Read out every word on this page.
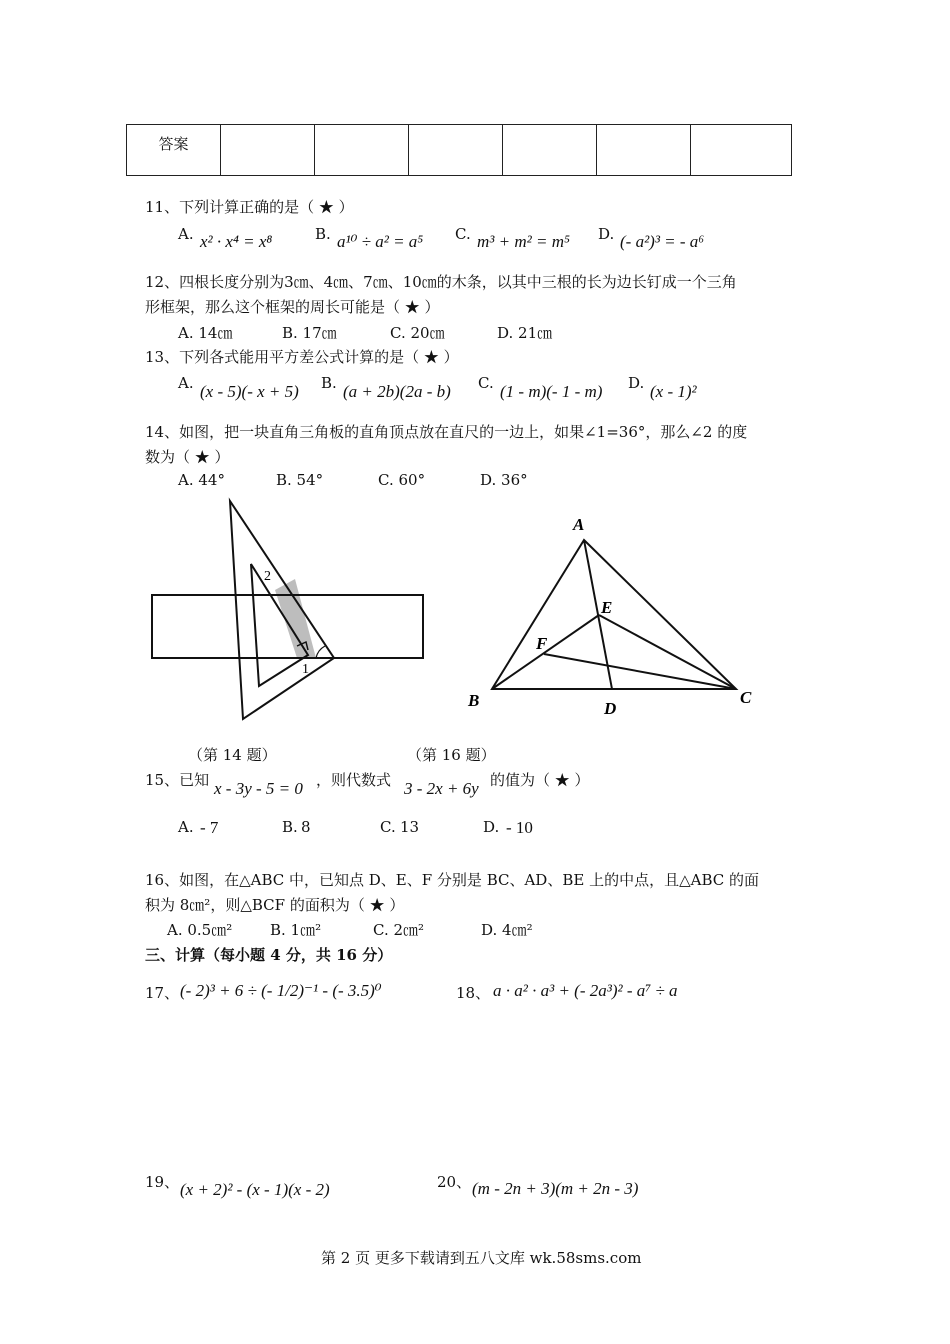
答案						
11、下列计算正确的是（ ★ ）
A. x² · x⁴ = x⁸	B. a¹⁰ ÷ a² = a⁵ C. m³ + m² = m⁵ D. (- a²)³ = - a⁶
12、四根长度分别为3㎝、4㎝、7㎝、10㎝的木条，以其中三根的长为边长钉成一个三角
形框架，那么这个框架的周长可能是（ ★ ）
A. 14㎝	B. 17㎝	C. 20㎝	D. 21㎝
13、下列各式能用平方差公式计算的是（ ★ ）
A. (x - 5)(- x + 5) B. (a + 2b)(2a - b) C. (1 - m)(- 1 - m) D. (x - 1)²
14、如图，把一块直角三角板的直角顶点放在直尺的一边上，如果∠1=36°，那么∠2 的度
数为（ ★ ）
A. 44°	B. 54°	C. 60°	D. 36°
1
2
A
B	C
D
E
F
（第 14 题）	（第 16 题）
15、已知 x - 3y - 5 = 0 ，则代数式 3 - 2x + 6y 的值为（ ★ ）
A. - 7	B. 8	C. 13	D. - 10
16、如图，在△ABC 中，已知点 D、E、F 分别是 BC、AD、BE 上的中点，且△ABC 的面
积为 8㎝²，则△BCF 的面积为（ ★ ）
A. 0.5㎝²	B. 1㎝²	C. 2㎝²	D. 4㎝²
三、计算（每小题 4 分，共 16 分）
17、 (- 2)³ + 6 ÷ (- 1/2)⁻¹ - (- 3.5)⁰	18、 a · a² · a³ + (- 2a³)² - a⁷ ÷ a
19、 (x + 2)² - (x - 1)(x - 2)	20、 (m - 2n + 3)(m + 2n - 3)
第 2 页 更多下载请到五八文库 wk.58sms.com
